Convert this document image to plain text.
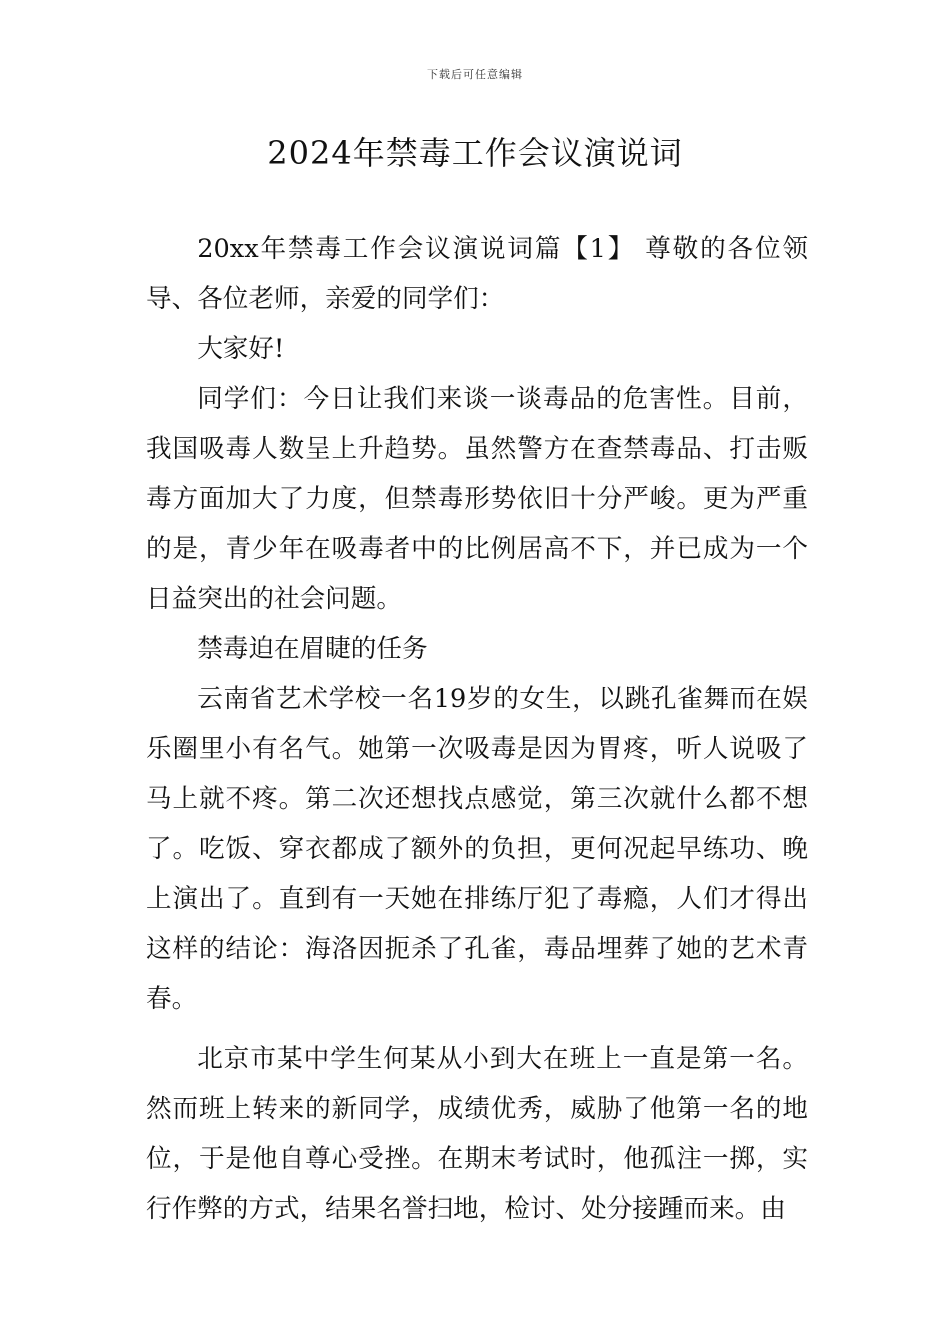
下载后可任意编辑
2024年禁毒工作会议演说词

20xx年禁毒工作会议演说词篇【1】 尊敬的各位领导、各位老师，亲爱的同学们：

大家好!

同学们：今日让我们来谈一谈毒品的危害性。目前，我国吸毒人数呈上升趋势。虽然警方在查禁毒品、打击贩毒方面加大了力度，但禁毒形势依旧十分严峻。更为严重的是，青少年在吸毒者中的比例居高不下，并已成为一个日益突出的社会问题。

禁毒迫在眉睫的任务

云南省艺术学校一名19岁的女生，以跳孔雀舞而在娱乐圈里小有名气。她第一次吸毒是因为胃疼，听人说吸了马上就不疼。第二次还想找点感觉，第三次就什么都不想了。吃饭、穿衣都成了额外的负担，更何况起早练功、晚上演出了。直到有一天她在排练厅犯了毒瘾，人们才得出这样的结论：海洛因扼杀了孔雀，毒品埋葬了她的艺术青春。

北京市某中学生何某从小到大在班上一直是第一名。然而班上转来的新同学，成绩优秀，威胁了他第一名的地位，于是他自尊心受挫。在期末考试时，他孤注一掷，实行作弊的方式，结果名誉扫地，检讨、处分接踵而来。由
